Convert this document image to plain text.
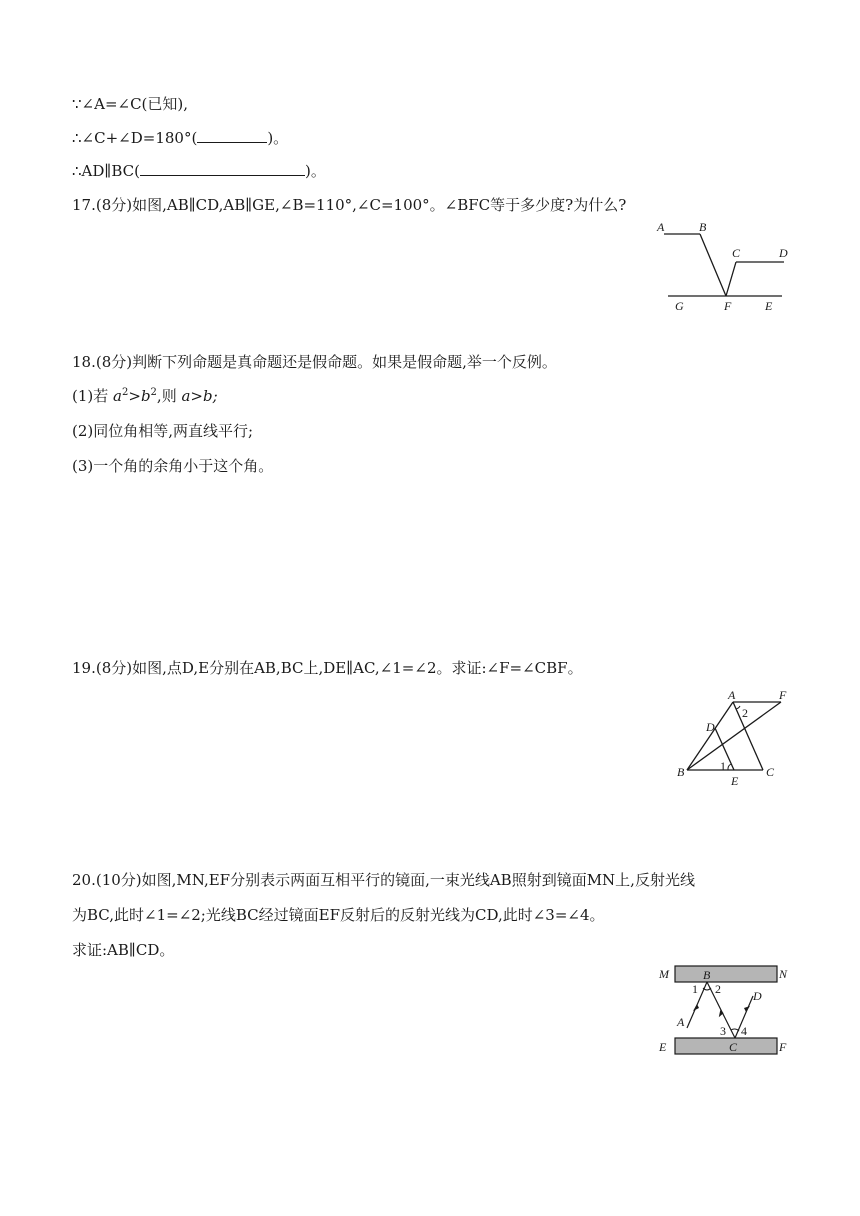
∵∠A=∠C(已知),
∴∠C+∠D=180°(	)。
∴AD∥BC(	)。
17.(8分)如图,AB∥CD,AB∥GE,∠B=110°,∠C=100°。∠BFC等于多少度?为什么?
A	B
C	D
G	F	E
18.(8分)判断下列命题是真命题还是假命题。如果是假命题,举一个反例。
(1)若 $a^2>b^2$,则 a>b;
(2)同位角相等,两直线平行;
(3)一个角的余角小于这个角。
19.(8分)如图,点D,E分别在AB,BC上,DE∥AC,∠1=∠2。求证:∠F=∠CBF。
A	F
D
B
E
C
1
2
20.(10分)如图,MN,EF分别表示两面互相平行的镜面,一束光线AB照射到镜面MN上,反射光线
为BC,此时∠1=∠2;光线BC经过镜面EF反射后的反射光线为CD,此时∠3=∠4。
求证:AB∥CD。
M	N
B
E	F
C
A
D
1 2
3 4
